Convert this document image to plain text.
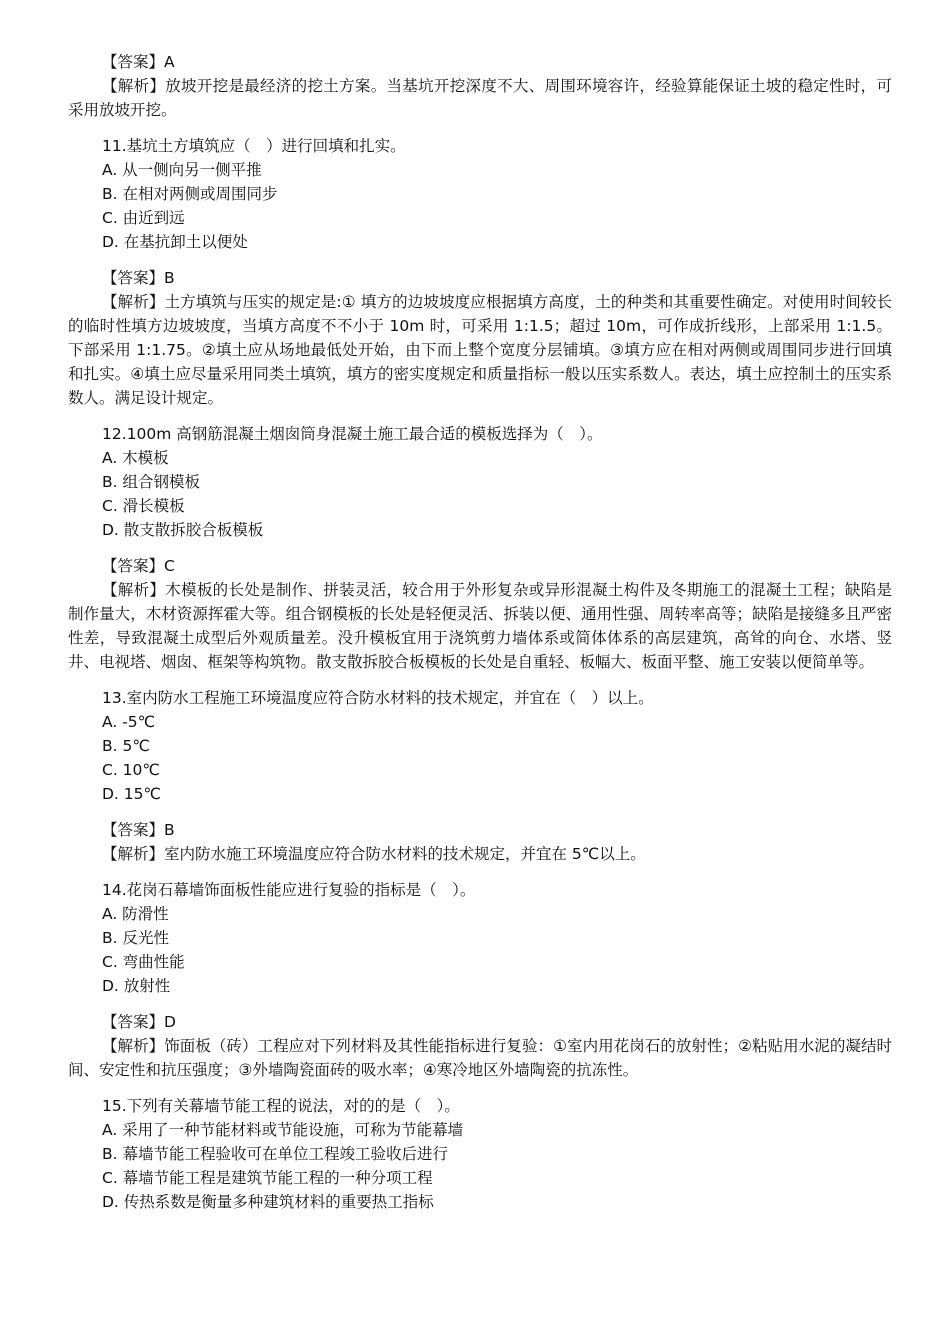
【答案】A

【解析】放坡开挖是最经济的挖土方案。当基坑开挖深度不大、周围环境容许，经验算能保证土坡的稳定性时，可采用放坡开挖。

11.基坑土方填筑应（　）进行回填和扎实。
A. 从一侧向另一侧平推
B. 在相对两侧或周围同步
C. 由近到远
D. 在基抗卸土以便处
【答案】B

【解析】土方填筑与压实的规定是:① 填方的边坡坡度应根据填方高度，土的种类和其重要性确定。对使用时间较长的临时性填方边坡坡度，当填方高度不不小于 10m 时，可采用 1:1.5；超过 10m，可作成折线形，上部采用 1:1.5。下部采用 1:1.75。②填土应从场地最低处开始，由下而上整个宽度分层铺填。③填方应在相对两侧或周围同步进行回填和扎实。④填土应尽量采用同类土填筑，填方的密实度规定和质量指标一般以压实系数人。表达，填土应控制土的压实系数人。满足设计规定。

12.100m 高钢筋混凝土烟囱筒身混凝土施工最合适的模板选择为（　）。
A. 木模板
B. 组合钢模板
C. 滑长模板
D. 散支散拆胶合板模板
【答案】C

【解析】木模板的长处是制作、拼装灵活，较合用于外形复杂或异形混凝土构件及冬期施工的混凝土工程；缺陷是制作量大，木材资源挥霍大等。组合钢模板的长处是轻便灵活、拆装以便、通用性强、周转率高等；缺陷是接缝多且严密性差，导致混凝土成型后外观质量差。没升模板宜用于浇筑剪力墙体系或简体体系的高层建筑，高耸的向仓、水塔、竖井、电视塔、烟囱、框架等构筑物。散支散拆胶合板模板的长处是自重轻、板幅大、板面平整、施工安装以便简单等。

13.室内防水工程施工环境温度应符合防水材料的技术规定，并宜在（　）以上。
A. -5℃
B. 5℃
C. 10℃
D. 15℃
【答案】B

【解析】室内防水施工环境温度应符合防水材料的技术规定，并宜在 5℃以上。

14.花岗石幕墙饰面板性能应进行复验的指标是（　）。
A. 防滑性
B. 反光性
C. 弯曲性能
D. 放射性
【答案】D

【解析】饰面板（砖）工程应对下列材料及其性能指标进行复验：①室内用花岗石的放射性；②粘贴用水泥的凝结时间、安定性和抗压强度；③外墙陶瓷面砖的吸水率；④寒冷地区外墙陶瓷的抗冻性。

15.下列有关幕墙节能工程的说法，对的的是（　）。
A. 采用了一种节能材料或节能设施，可称为节能幕墙
B. 幕墙节能工程验收可在单位工程竣工验收后进行
C. 幕墙节能工程是建筑节能工程的一种分项工程
D. 传热系数是衡量多种建筑材料的重要热工指标
